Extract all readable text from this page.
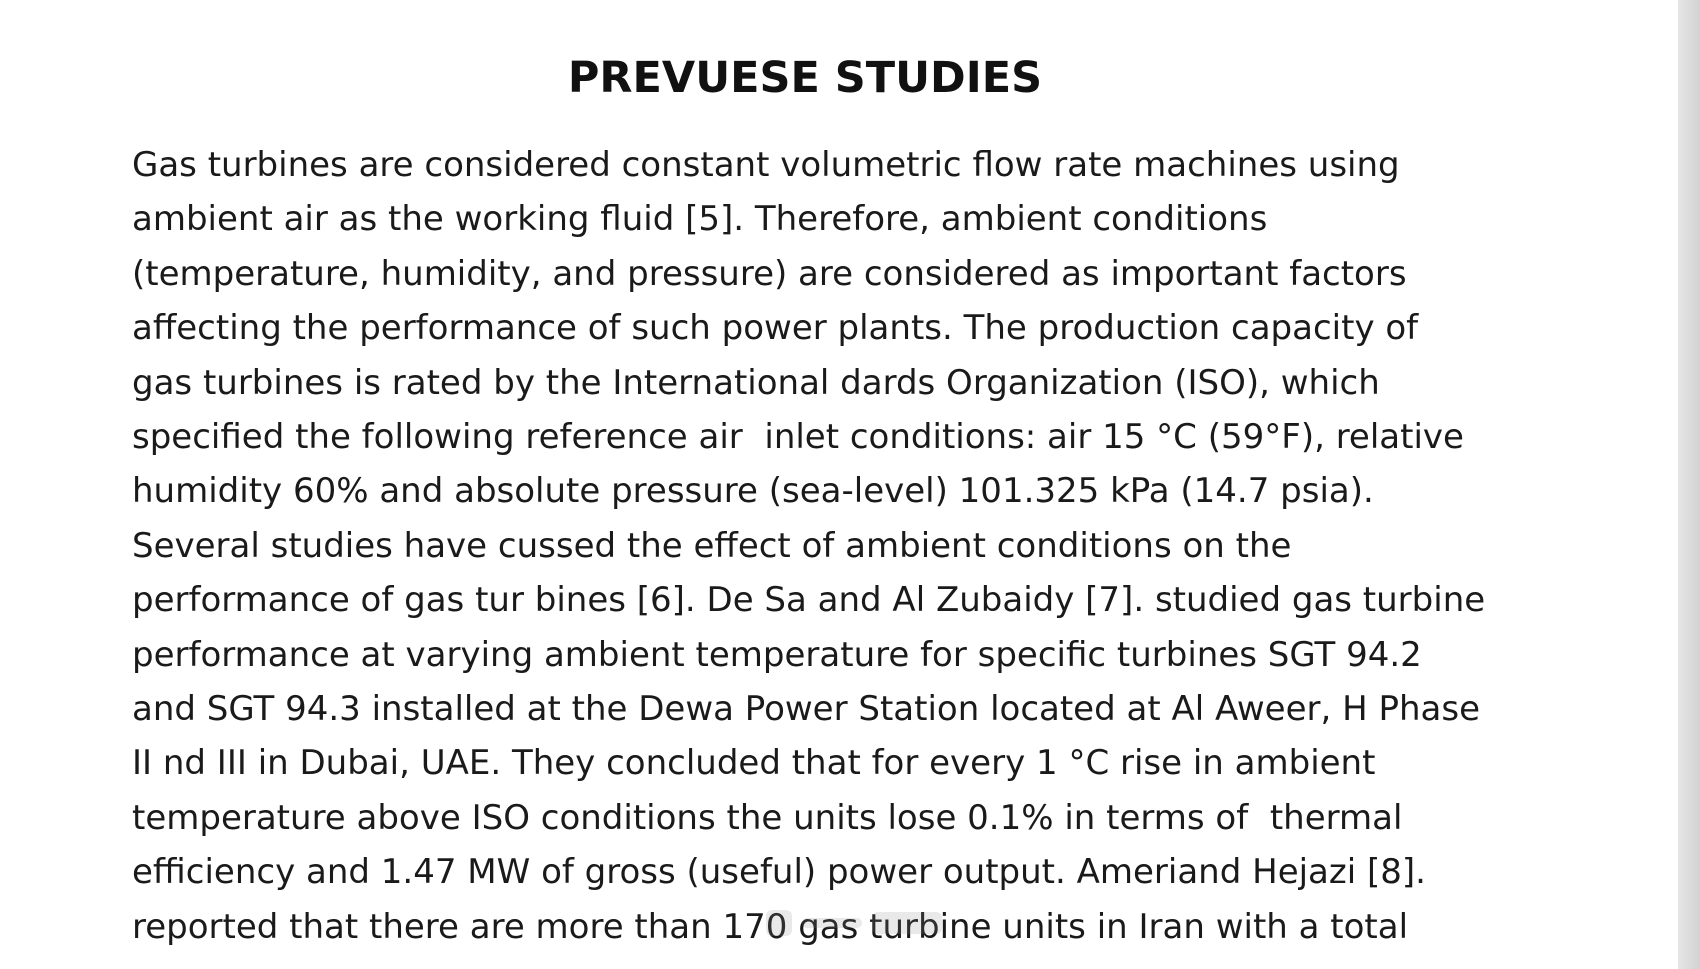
PREVUESE STUDIES
Gas turbines are considered constant volumetric flow rate machines using
ambient air as the working fluid [5]. Therefore, ambient conditions
(temperature, humidity, and pressure) are considered as important factors
affecting the performance of such power plants. The production capacity of
gas turbines is rated by the International dards Organization (ISO), which
specified the following reference air  inlet conditions: air 15 °C (59°F), relative
humidity 60% and absolute pressure (sea-level) 101.325 kPa (14.7 psia).
Several studies have cussed the effect of ambient conditions on the
performance of gas tur bines [6]. De Sa and Al Zubaidy [7]. studied gas turbine
performance at varying ambient temperature for specific turbines SGT 94.2
and SGT 94.3 installed at the Dewa Power Station located at Al Aweer, H Phase
II nd III in Dubai, UAE. They concluded that for every 1 °C rise in ambient
temperature above ISO conditions the units lose 0.1% in terms of  thermal
efficiency and 1.47 MW of gross (useful) power output. Ameriand Hejazi [8].
reported that there are more than 170 gas turbine units in Iran with a total
